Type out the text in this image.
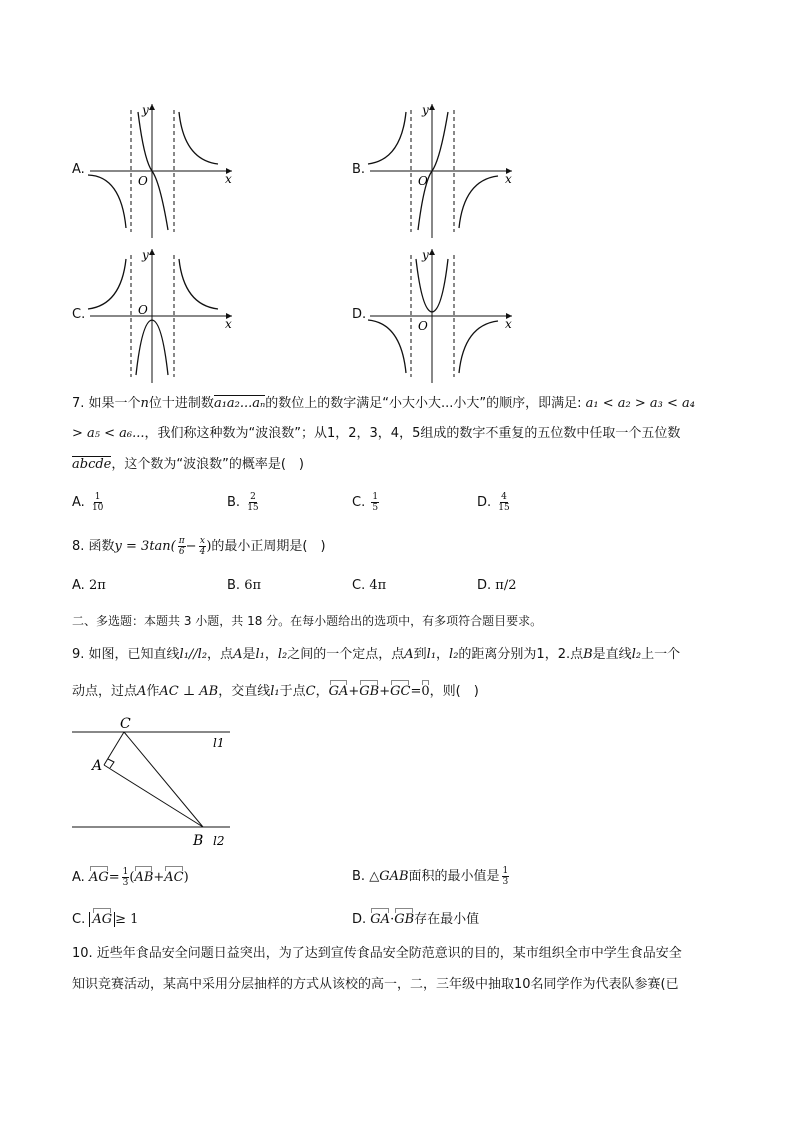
A.
y
x
O
B.
y
x
O
C.
y
x
O	D.
y
x
O
7. 如果一个n位十进制数a₁a₂...aₙ的数位上的数字满足“小大小大...小大”的顺序，即满足: a₁ < a₂ > a₃ < a₄
> a₅ < a₆...，我们称这种数为“波浪数”；从1，2，3，4，5组成的数字不重复的五位数中任取一个五位数
abcde，这个数为“波浪数”的概率是(　)
A. $\frac{1}{10}$	B. $\frac{2}{15}$	C. $\frac{1}{5}$	D. $\frac{4}{15}$
8. 函数$y = 3\tan( \frac{\pi}{6} - \frac{x}{4}$ )的最小正周期是(　)
A. 2π	B. 6π	C. 4π	D. π/2
二、多选题：本题共 3 小题，共 18 分。在每小题给出的选项中，有多项符合题目要求。
9. 如图，已知直线l₁//l₂，点A是l₁，l₂之间的一个定点，点A到l₁，l₂的距离分别为1，2.点B是直线l₂上一个
动点，过点A作AC ⊥ AB，交直线l₁于点C，GA+GB+GC=0，则(　)
C
A
B
l1
l2
A. $AG= \frac{1}{3} (AB+AC)$	B. △GAB面积的最小值是 $\frac{1}{3}$
C. AG ≥ 1	D. GA·GB存在最小值
10. 近些年食品安全问题日益突出，为了达到宣传食品安全防范意识的目的，某市组织全市中学生食品安全
知识竞赛活动，某高中采用分层抽样的方式从该校的高一，二，三年级中抽取10名同学作为代表队参赛(已
